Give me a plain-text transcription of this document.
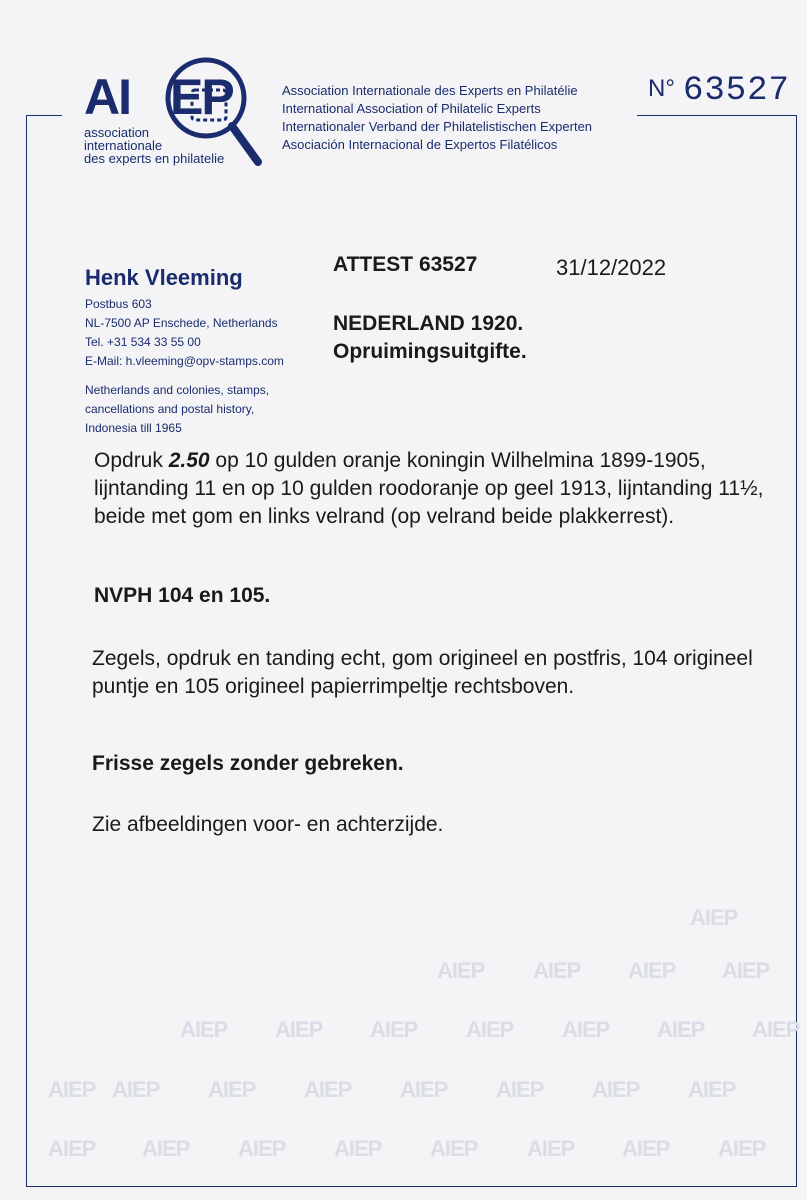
AI EP
association
internationale
des experts en philatelie
Association Internationale des Experts en Philatélie
International Association of Philatelic Experts
Internationaler Verband der Philatelistischen Experten
Asociación Internacional de Expertos Filatélicos
N° 63527
Henk Vleeming
Postbus 603
NL-7500 AP Enschede, Netherlands
Tel. +31 534 33 55 00
E-Mail: h.vleeming@opv-stamps.com
Netherlands and colonies, stamps,
cancellations and postal history,
Indonesia till 1965
ATTEST 63527	31/12/2022
NEDERLAND 1920.
Opruimingsuitgifte.
Opdruk 2.50 op 10 gulden oranje koningin Wilhelmina 1899-1905, lijntanding 11 en op 10 gulden roodoranje op geel 1913, lijntanding 11½, beide met gom en links velrand (op velrand beide plakkerrest).
NVPH 104 en 105.
Zegels, opdruk en tanding echt, gom origineel en postfris, 104 origineel puntje en 105 origineel papierrimpeltje rechtsboven.
Frisse zegels zonder gebreken.
Zie afbeeldingen voor- en achterzijde.
AIEP
AIEP AIEP AIEP AIEP
AIEP AIEP AIEP AIEP AIEP AIEP AIEP
AIEP AIEP AIEP AIEP AIEP AIEP AIEP AIEP
AIEP AIEP AIEP AIEP AIEP AIEP AIEP AIEP
